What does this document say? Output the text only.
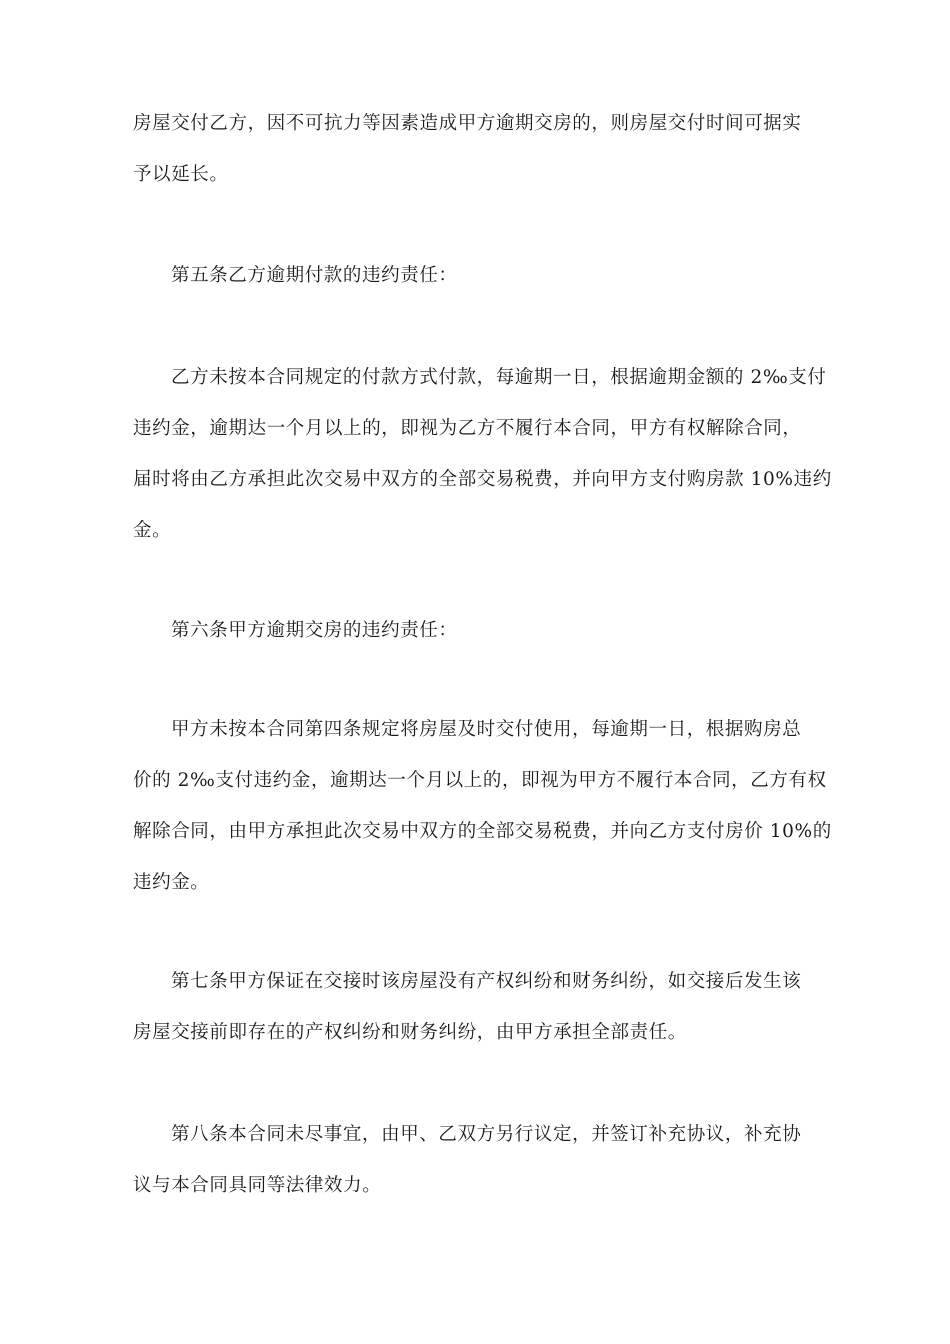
房屋交付乙方，因不可抗力等因素造成甲方逾期交房的，则房屋交付时间可据实
予以延长。
第五条乙方逾期付款的违约责任：
乙方未按本合同规定的付款方式付款，每逾期一日，根据逾期金额的 2‰支付
违约金，逾期达一个月以上的，即视为乙方不履行本合同，甲方有权解除合同，
届时将由乙方承担此次交易中双方的全部交易税费，并向甲方支付购房款 10%违约
金。
第六条甲方逾期交房的违约责任：
甲方未按本合同第四条规定将房屋及时交付使用，每逾期一日，根据购房总
价的 2‰支付违约金，逾期达一个月以上的，即视为甲方不履行本合同，乙方有权
解除合同，由甲方承担此次交易中双方的全部交易税费，并向乙方支付房价 10%的
违约金。
第七条甲方保证在交接时该房屋没有产权纠纷和财务纠纷，如交接后发生该
房屋交接前即存在的产权纠纷和财务纠纷，由甲方承担全部责任。
第八条本合同未尽事宜，由甲、乙双方另行议定，并签订补充协议，补充协
议与本合同具同等法律效力。
